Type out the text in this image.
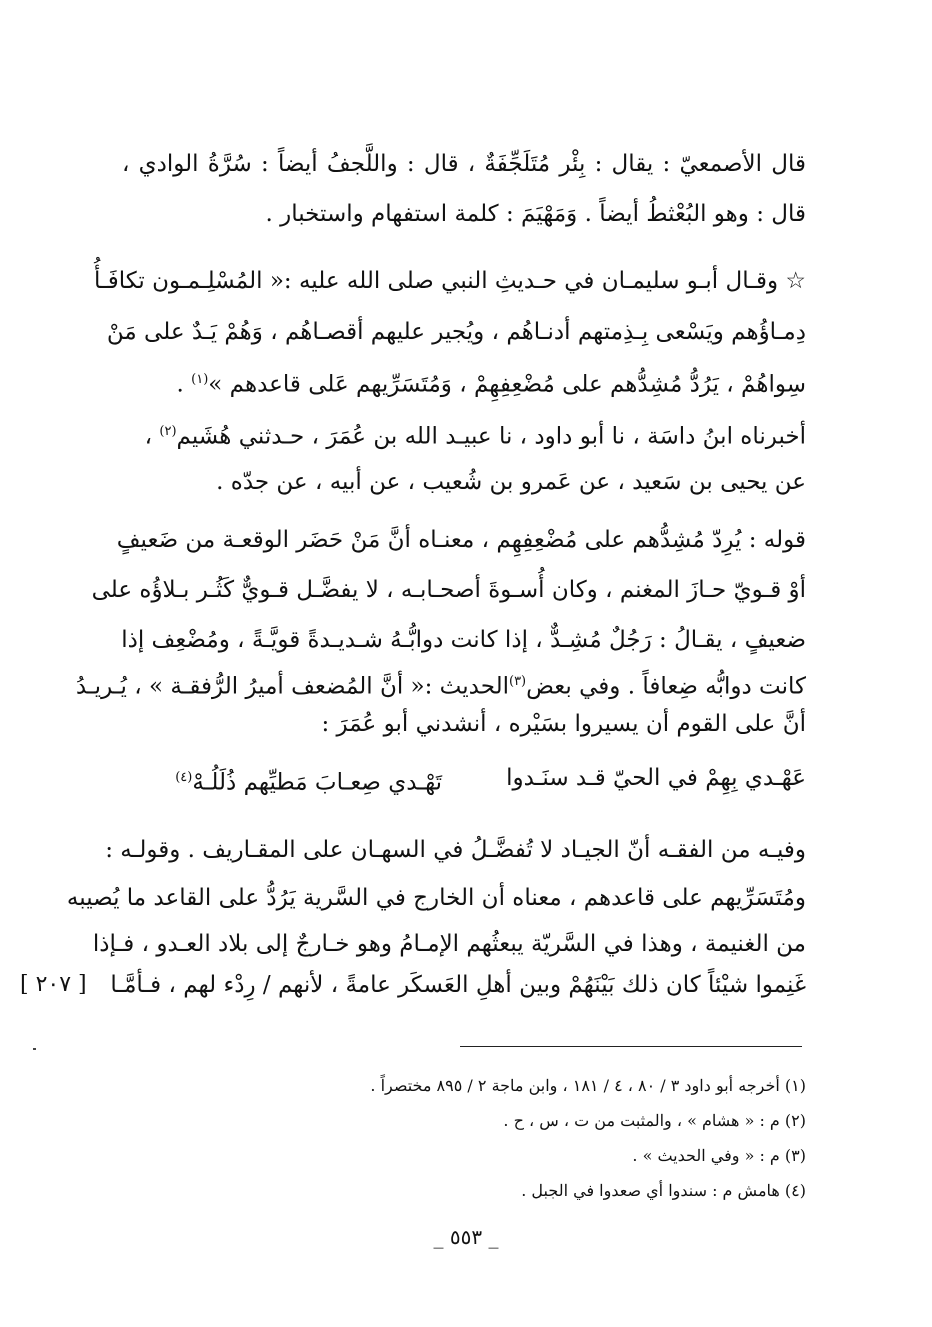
قال الأصمعيّ : يقال : بِئْر مُتَلَجِّفَةٌ ، قال : واللَّجفُ أيضاً : سُرَّةُ الوادي ،
قال : وهو البُعْثطُ أيضاً . وَمَهْيَمَ : كلمة استفهام واستخبار .
☆ وقـال أبـو سليمـان في حـديثِ النبي صلى الله عليه :« المُسْلِـمـون تكافَـأُ
دِمـاؤُهم ويَسْعى بِـذِمتهم أدنـاهُم ، ويُجير عليهم أقصـاهُم ، وَهُمْ يَـدٌ على مَنْ
سِواهُمْ ، يَرُدُّ مُشِدُّهم على مُضْعِفِهِمْ ، وَمُتَسَرِّيهم عَلى قاعدهم »$^{(١)}$ .
أخبرناه ابنُ داسَة ، نا أبو داود ، نا عبيـد الله بن عُمَرَ ، حـدثني هُشَيم$^{(٢)}$ ،
عن يحيى بن سَعيد ، عن عَمرو بن شُعيب ، عن أبيه ، عن جدّه .
قوله : يُرِدّ مُشِدُّهم على مُضْعِفِهِم ، معنـاه أنَّ مَنْ حَضَر الوقعـة من ضَعيفٍ
أوْ قـويّ حـازَ المغنم ، وكان أُسـوةَ أصحـابـه ، لا يفضَّـل قـويٌّ كَثُـر بـلاؤُه على
ضعيفٍ ، يقـالُ : رَجُلٌ مُشِـدٌّ ، إذا كانت دوابُّـهُ شـديـدةً قويَّـةً ، ومُضْعِف إذا
كانت دوابُّه ضِعافاً . وفي بعض$^{(٣)}$الحديث :« أنَّ المُضعف أميرُ الرُّفقـة » ، يُـريـدُ
أنَّ على القوم أن يسيروا بسَيْره ، أنشدني أبو عُمَرَ :
عَهْـدي بِهِمْ في الحيّ قـد سنَـدوا
تَهْـدي صِعـابَ مَطيِّهم ذُلَلُـهْ$^{(٤)}$
وفيـه من الفقـه أنّ الجيـاد لا تُفضَّـلُ في السهـان على المقـاريف . وقولـه :
ومُتَسَرِّيهم على قاعدهم ، معناه أن الخارج في السَّرية يَرُدُّ على القاعد ما يُصيبه
من الغنيمة ، وهذا في السَّريّة يبعثُهم الإمـامُ وهو خـارجٌ إلى بلاد العـدو ، فـإذا
غَنِموا شيْئاً كان ذلك بَيْنَهُمْ وبين أهلِ العَسكَر عامةً ، لأنهم / رِدْء لهم ، فـأمَّـا
[ ٢٠٧ ]
(١) أخرجه أبو داود ٣ / ٨٠ ، ٤ / ١٨١ ، وابن ماجة ٢ / ٨٩٥ مختصراً .
(٢) م : « هشام » ، والمثبت من ت ، س ، ح .
(٣) م : « وفي الحديث » .
(٤) هامش م : سندوا أي صعدوا في الجبل .
_ ٥٥٣ _
